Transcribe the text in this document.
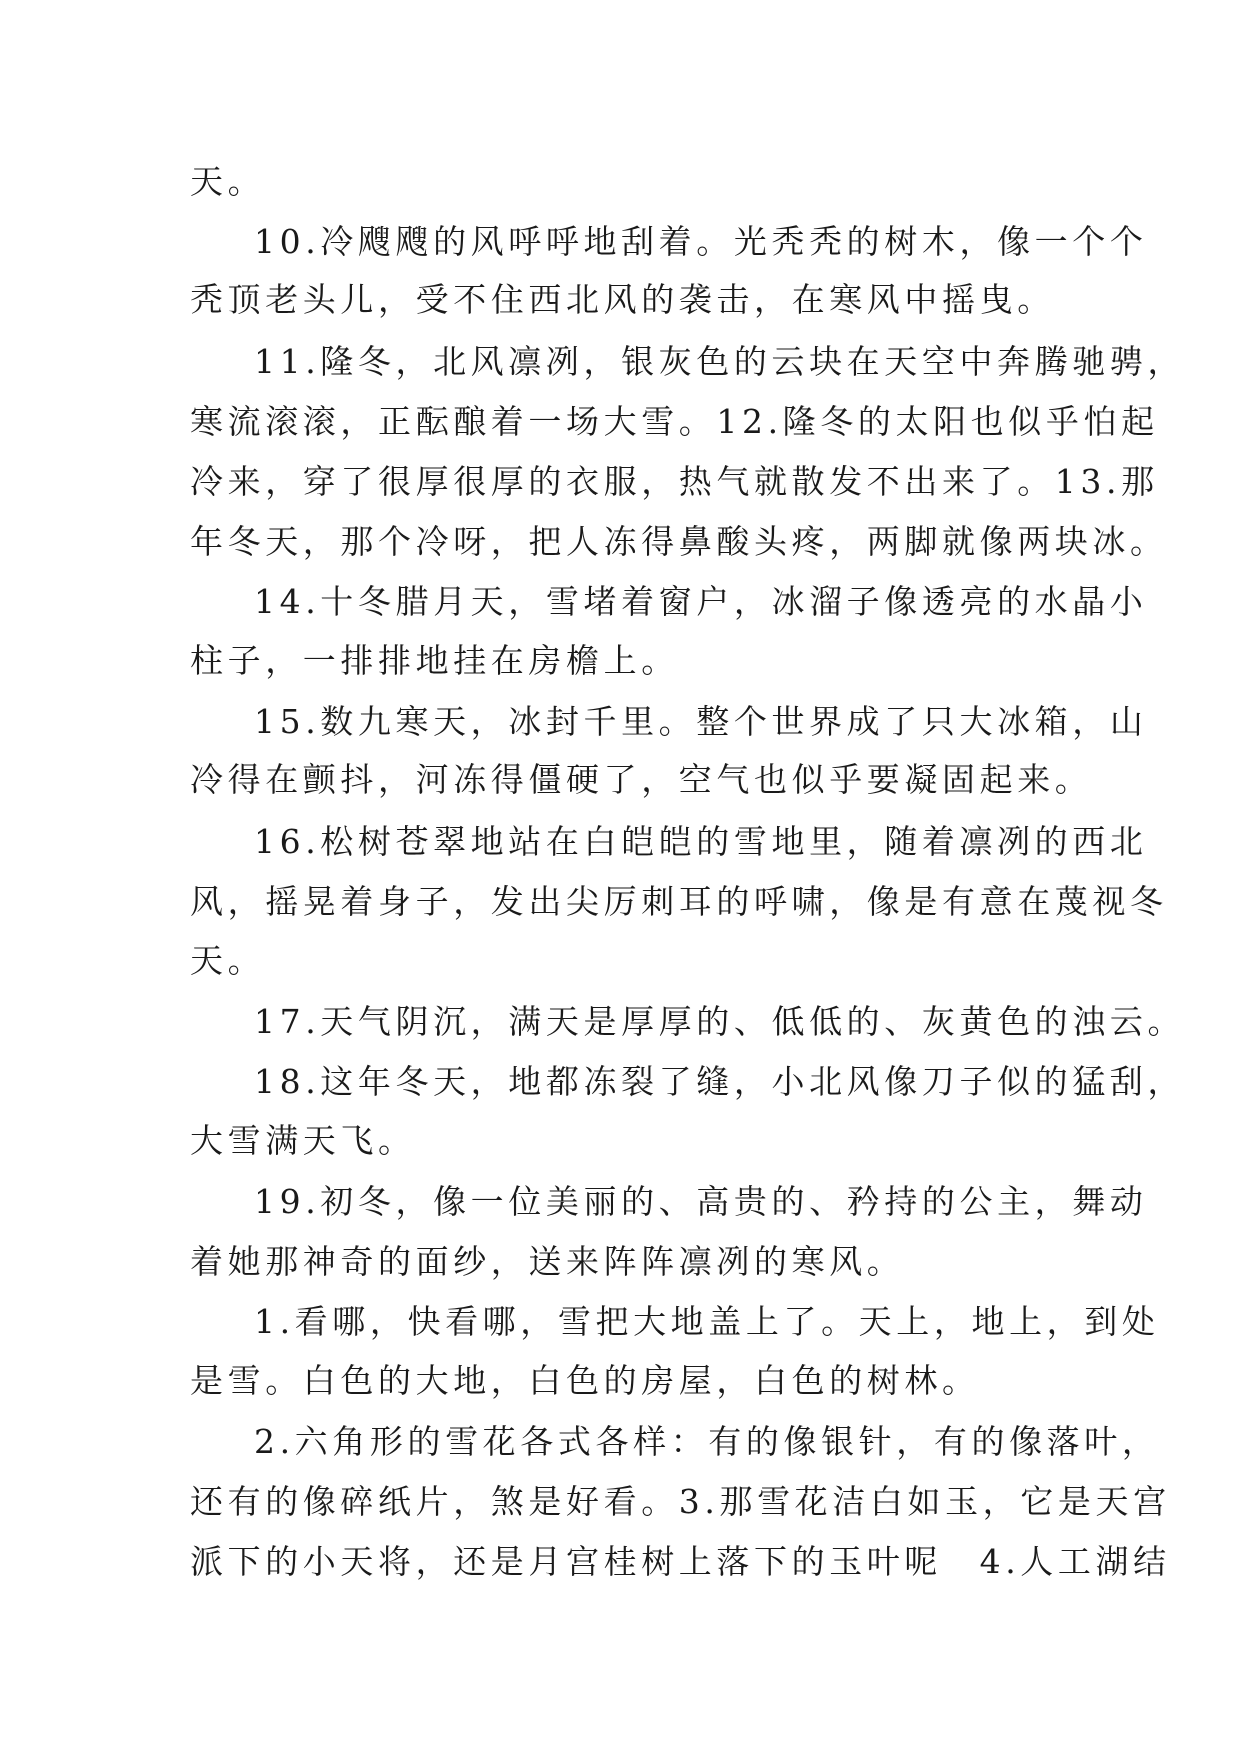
天。
10.冷飕飕的风呼呼地刮着。光秃秃的树木，像一个个
秃顶老头儿，受不住西北风的袭击，在寒风中摇曳。
11.隆冬，北风凛冽，银灰色的云块在天空中奔腾驰骋，
寒流滚滚，正酝酿着一场大雪。12.隆冬的太阳也似乎怕起
冷来，穿了很厚很厚的衣服，热气就散发不出来了。13.那
年冬天，那个冷呀，把人冻得鼻酸头疼，两脚就像两块冰。
14.十冬腊月天，雪堵着窗户，冰溜子像透亮的水晶小
柱子，一排排地挂在房檐上。
15.数九寒天，冰封千里。整个世界成了只大冰箱，山
冷得在颤抖，河冻得僵硬了，空气也似乎要凝固起来。
16.松树苍翠地站在白皑皑的雪地里，随着凛冽的西北
风，摇晃着身子，发出尖厉刺耳的呼啸，像是有意在蔑视冬
天。
17.天气阴沉，满天是厚厚的、低低的、灰黄色的浊云。
18.这年冬天，地都冻裂了缝，小北风像刀子似的猛刮，
大雪满天飞。
19.初冬，像一位美丽的、高贵的、矜持的公主，舞动
着她那神奇的面纱，送来阵阵凛冽的寒风。
1.看哪，快看哪，雪把大地盖上了。天上，地上，到处
是雪。白色的大地，白色的房屋，白色的树林。
2.六角形的雪花各式各样：有的像银针，有的像落叶，
还有的像碎纸片，煞是好看。3.那雪花洁白如玉，它是天宫
派下的小天将，还是月宫桂树上落下的玉叶呢　4.人工湖结
